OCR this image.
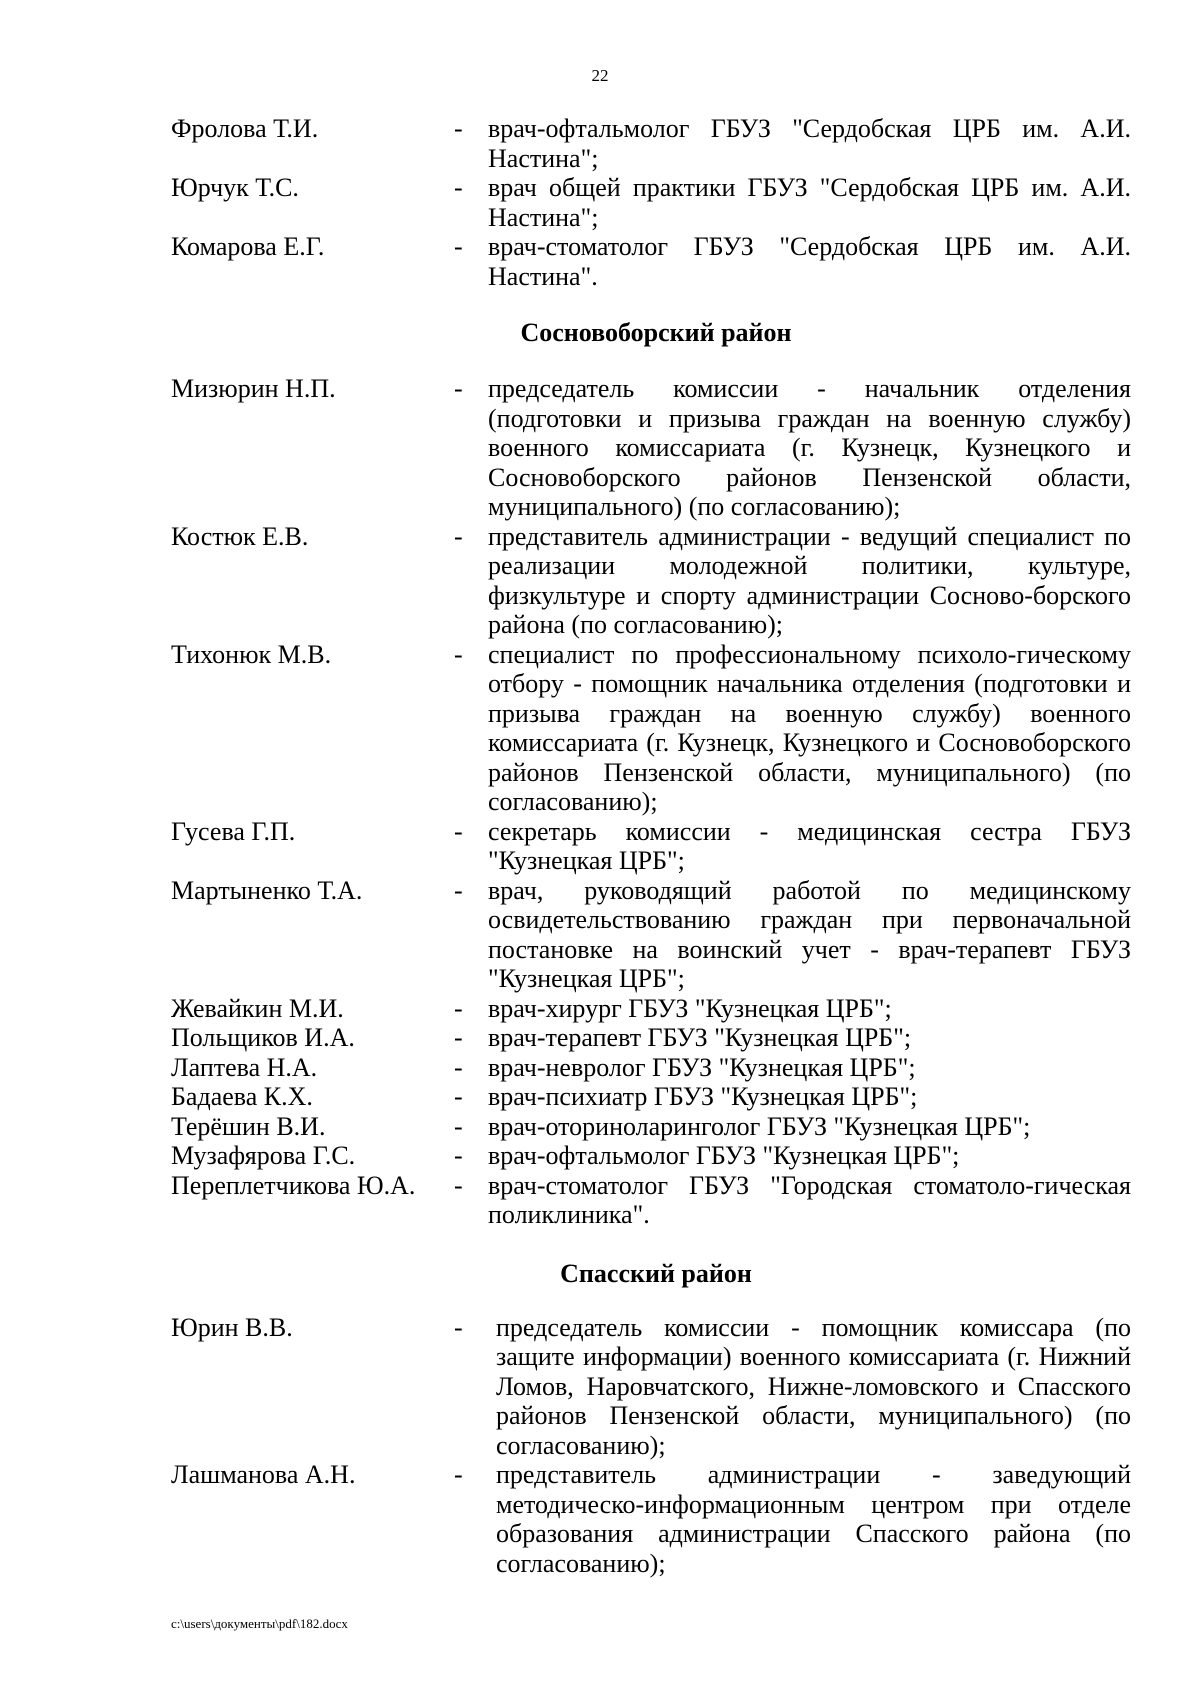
22
Фролова Т.И.	- врач-офтальмолог ГБУЗ "Сердобская ЦРБ им. А.И. Настина";
Юрчук Т.С.	- врач общей практики ГБУЗ "Сердобская ЦРБ им. А.И. Настина";
Комарова Е.Г.	- врач-стоматолог ГБУЗ "Сердобская ЦРБ им. А.И. Настина".
Сосновоборский район
Мизюрин Н.П.	- председатель комиссии - начальник отделения (подготовки и призыва граждан на военную службу) военного комиссариата (г. Кузнецк, Кузнецкого и Сосновоборского районов Пензенской области, муниципального) (по согласованию);
Костюк Е.В.	- представитель администрации - ведущий специалист по реализации молодежной политики, культуре, физкультуре и спорту администрации Сосново-борского района (по согласованию);
Тихонюк М.В.	- специалист по профессиональному психоло-гическому отбору - помощник начальника отделения (подготовки и призыва граждан на военную службу) военного комиссариата (г. Кузнецк, Кузнецкого и Сосновоборского районов Пензенской области, муниципального) (по согласованию);
Гусева Г.П.	- секретарь комиссии - медицинская сестра ГБУЗ "Кузнецкая ЦРБ";
Мартыненко Т.А.	- врач, руководящий работой по медицинскому освидетельствованию граждан при первоначальной постановке на воинский учет - врач-терапевт ГБУЗ "Кузнецкая ЦРБ";
Жевайкин М.И.	- врач-хирург ГБУЗ "Кузнецкая ЦРБ";
Польщиков И.А.	- врач-терапевт ГБУЗ "Кузнецкая ЦРБ";
Лаптева Н.А.	- врач-невролог ГБУЗ "Кузнецкая ЦРБ";
Бадаева К.Х.	- врач-психиатр ГБУЗ "Кузнецкая ЦРБ";
Терёшин В.И.	- врач-оториноларинголог ГБУЗ "Кузнецкая ЦРБ";
Музафярова Г.С.	- врач-офтальмолог ГБУЗ "Кузнецкая ЦРБ";
Переплетчикова Ю.А.	- врач-стоматолог ГБУЗ "Городская стоматоло-гическая поликлиника".
Спасский район
Юрин В.В.	-	председатель комиссии - помощник комиссара (по защите информации) военного комиссариата (г. Нижний Ломов, Наровчатского, Нижне-ломовского и Спасского районов Пензенской области, муниципального) (по согласованию);
Лашманова А.Н.	-	представитель администрации - заведующий методическо-информационным центром при отделе образования администрации Спасского района (по согласованию);
c:\users\документы\pdf\182.docx
